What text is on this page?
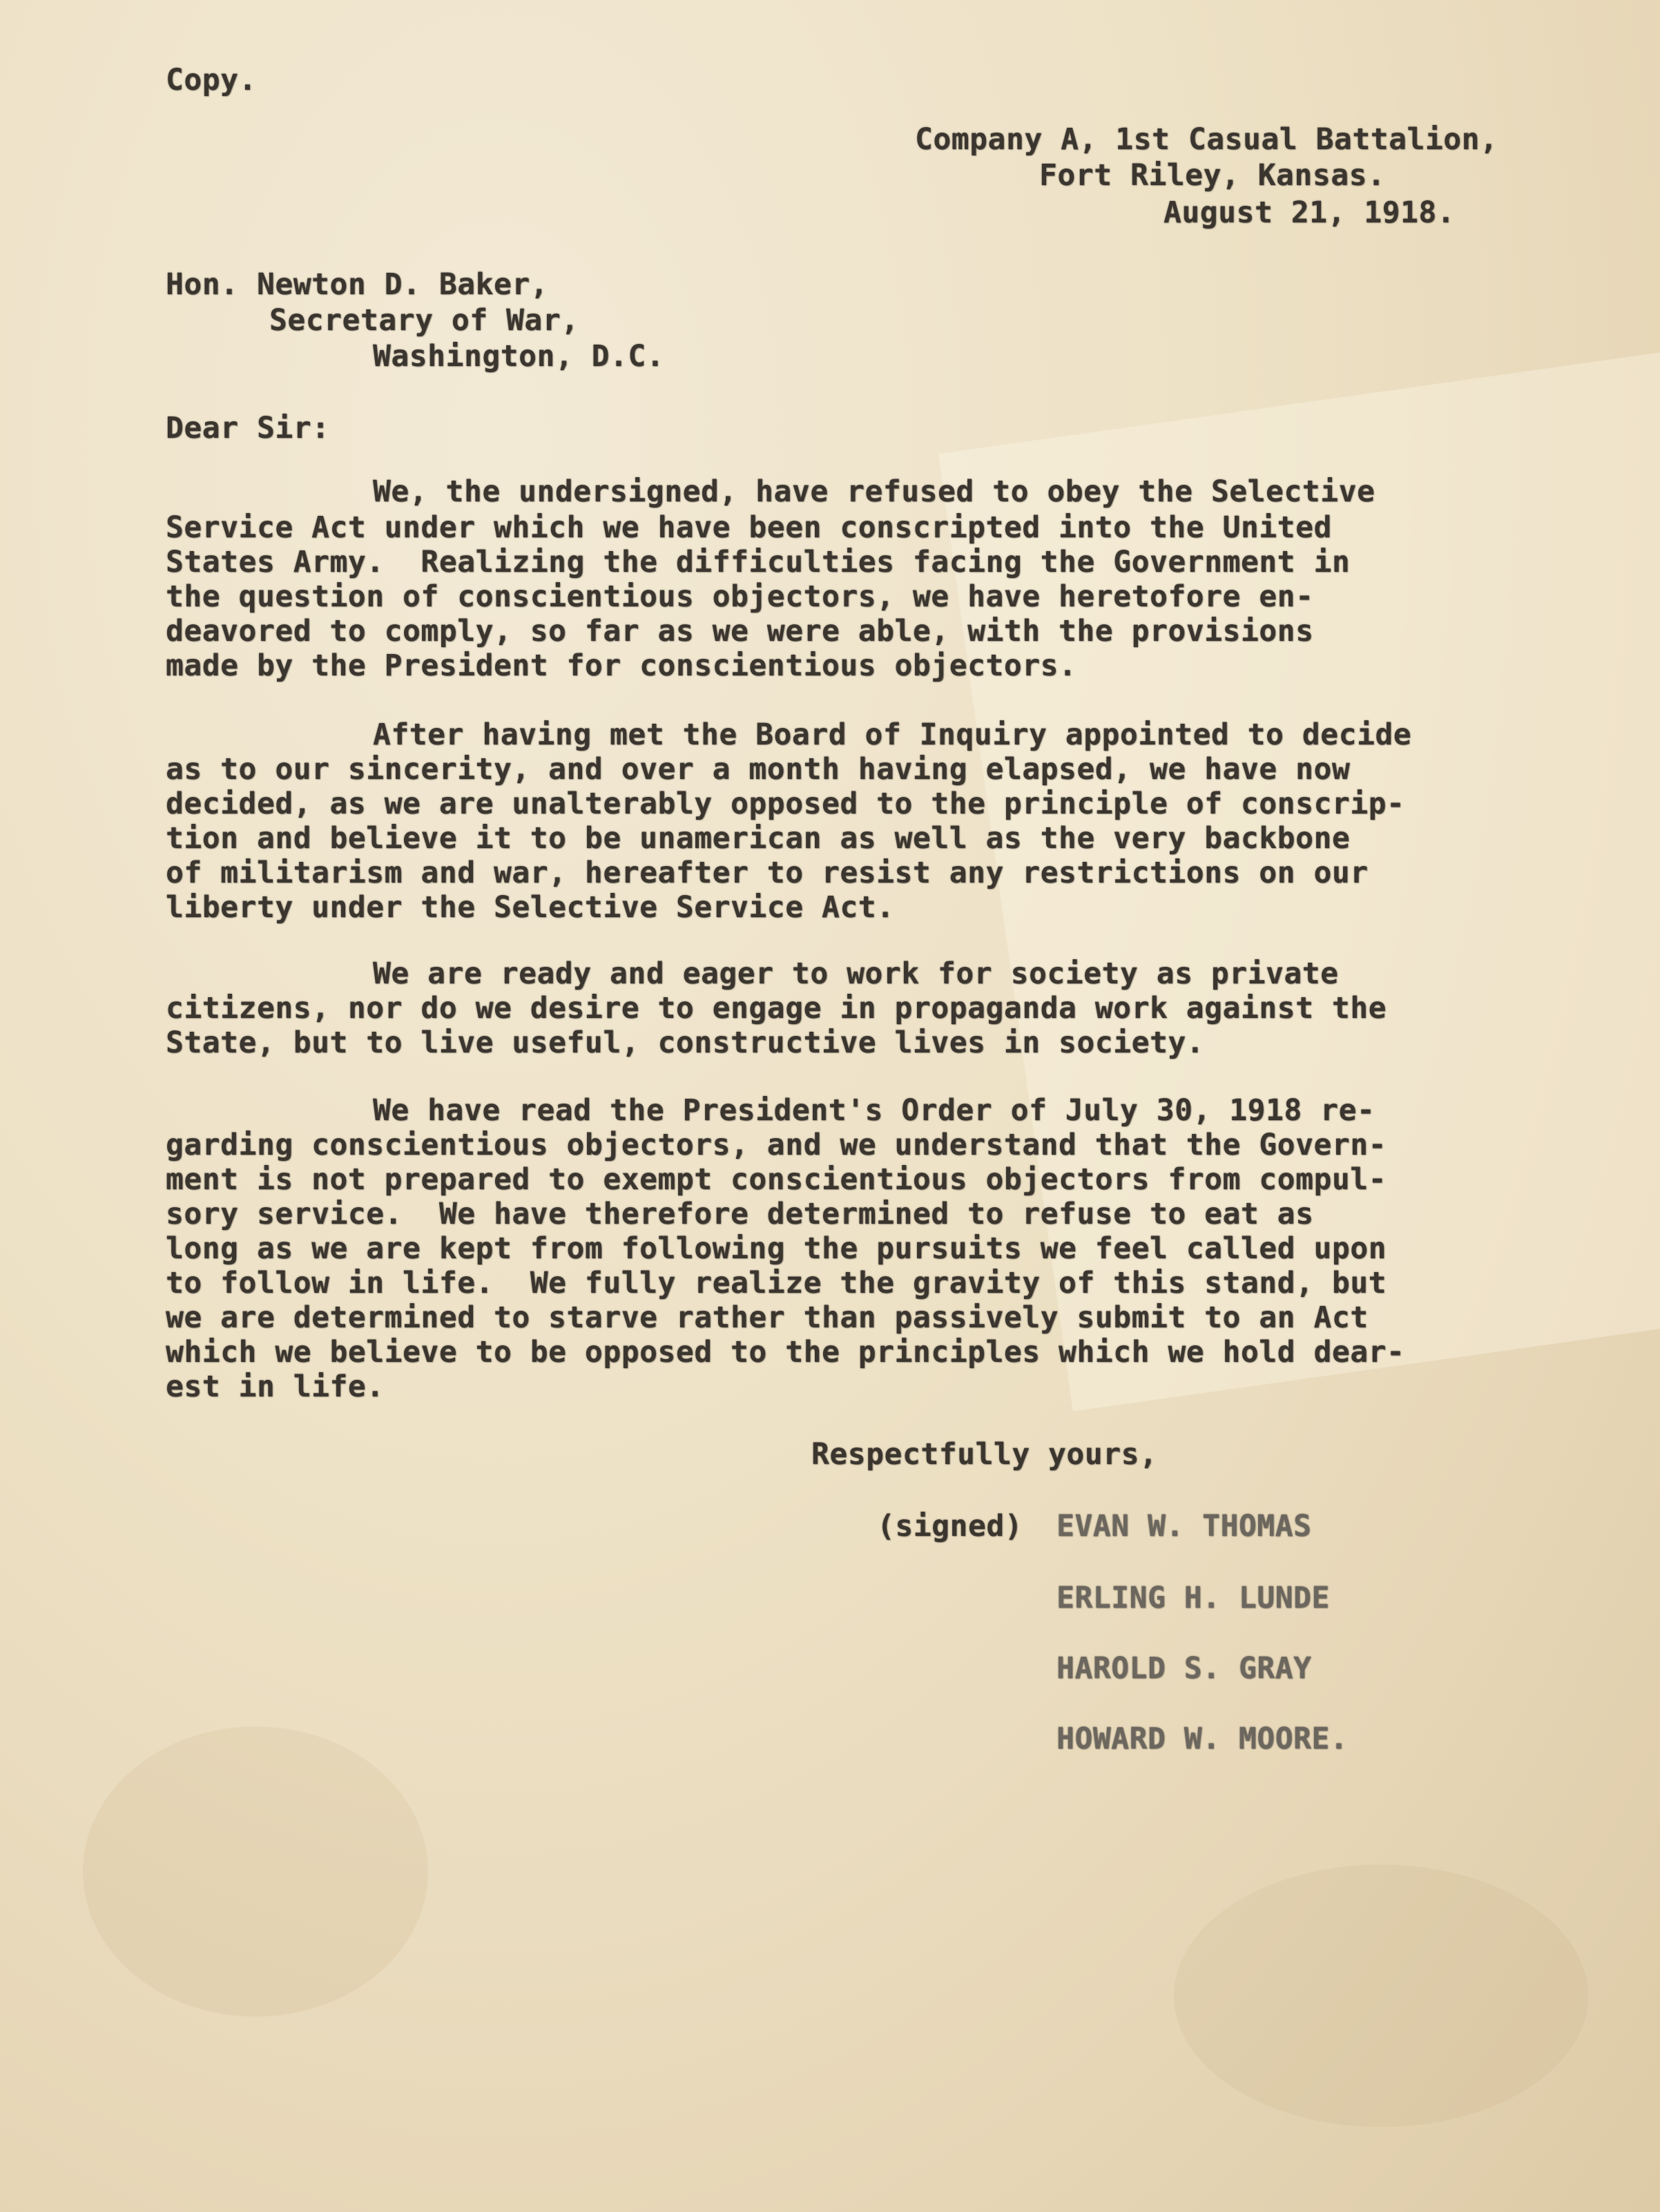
Copy.

Company A, 1st Casual Battalion,

Fort Riley, Kansas.

August 21, 1918.

Hon. Newton D. Baker,

Secretary of War,

Washington, D.C.

Dear Sir:

We, the undersigned, have refused to obey the Selective

Service Act under which we have been conscripted into the United

States Army.  Realizing the difficulties facing the Government in

the question of conscientious objectors, we have heretofore en-

deavored to comply, so far as we were able, with the provisions

made by the President for conscientious objectors.

After having met the Board of Inquiry appointed to decide

as to our sincerity, and over a month having elapsed, we have now

decided, as we are unalterably opposed to the principle of conscrip-

tion and believe it to be unamerican as well as the very backbone

of militarism and war, hereafter to resist any restrictions on our

liberty under the Selective Service Act.

We are ready and eager to work for society as private

citizens, nor do we desire to engage in propaganda work against the

State, but to live useful, constructive lives in society.

We have read the President's Order of July 30, 1918 re-

garding conscientious objectors, and we understand that the Govern-

ment is not prepared to exempt conscientious objectors from compul-

sory service.  We have therefore determined to refuse to eat as

long as we are kept from following the pursuits we feel called upon

to follow in life.  We fully realize the gravity of this stand, but

we are determined to starve rather than passively submit to an Act

which we believe to be opposed to the principles which we hold dear-

est in life.

Respectfully yours,

(signed) EVAN W. THOMAS

ERLING H. LUNDE

HAROLD S. GRAY

HOWARD W. MOORE.
